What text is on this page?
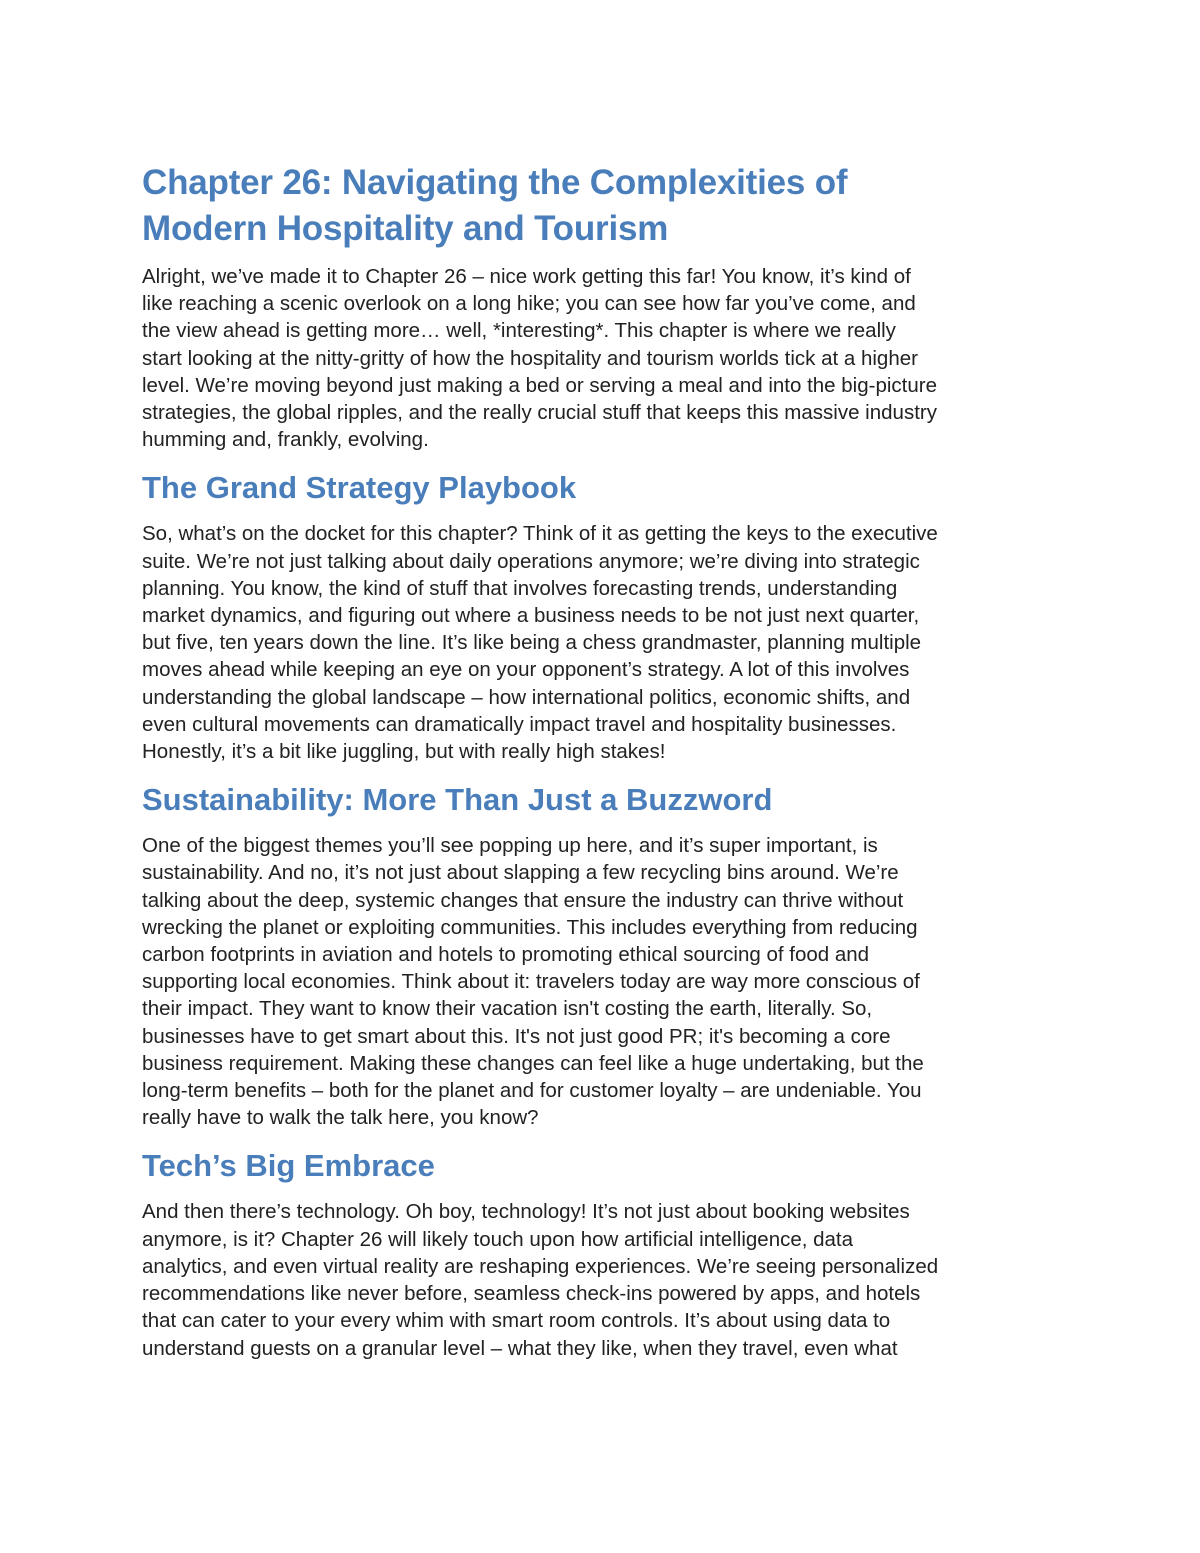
Chapter 26: Navigating the Complexities of
Modern Hospitality and Tourism

Alright, we’ve made it to Chapter 26 – nice work getting this far! You know, it’s kind of
like reaching a scenic overlook on a long hike; you can see how far you’ve come, and
the view ahead is getting more… well, *interesting*. This chapter is where we really
start looking at the nitty-gritty of how the hospitality and tourism worlds tick at a higher
level. We’re moving beyond just making a bed or serving a meal and into the big-picture
strategies, the global ripples, and the really crucial stuff that keeps this massive industry
humming and, frankly, evolving.

The Grand Strategy Playbook

So, what’s on the docket for this chapter? Think of it as getting the keys to the executive
suite. We’re not just talking about daily operations anymore; we’re diving into strategic
planning. You know, the kind of stuff that involves forecasting trends, understanding
market dynamics, and figuring out where a business needs to be not just next quarter,
but five, ten years down the line. It’s like being a chess grandmaster, planning multiple
moves ahead while keeping an eye on your opponent’s strategy. A lot of this involves
understanding the global landscape – how international politics, economic shifts, and
even cultural movements can dramatically impact travel and hospitality businesses.
Honestly, it’s a bit like juggling, but with really high stakes!

Sustainability: More Than Just a Buzzword

One of the biggest themes you’ll see popping up here, and it’s super important, is
sustainability. And no, it’s not just about slapping a few recycling bins around. We’re
talking about the deep, systemic changes that ensure the industry can thrive without
wrecking the planet or exploiting communities. This includes everything from reducing
carbon footprints in aviation and hotels to promoting ethical sourcing of food and
supporting local economies. Think about it: travelers today are way more conscious of
their impact. They want to know their vacation isn't costing the earth, literally. So,
businesses have to get smart about this. It's not just good PR; it's becoming a core
business requirement. Making these changes can feel like a huge undertaking, but the
long-term benefits – both for the planet and for customer loyalty – are undeniable. You
really have to walk the talk here, you know?

Tech’s Big Embrace

And then there’s technology. Oh boy, technology! It’s not just about booking websites
anymore, is it? Chapter 26 will likely touch upon how artificial intelligence, data
analytics, and even virtual reality are reshaping experiences. We’re seeing personalized
recommendations like never before, seamless check-ins powered by apps, and hotels
that can cater to your every whim with smart room controls. It’s about using data to
understand guests on a granular level – what they like, when they travel, even what
